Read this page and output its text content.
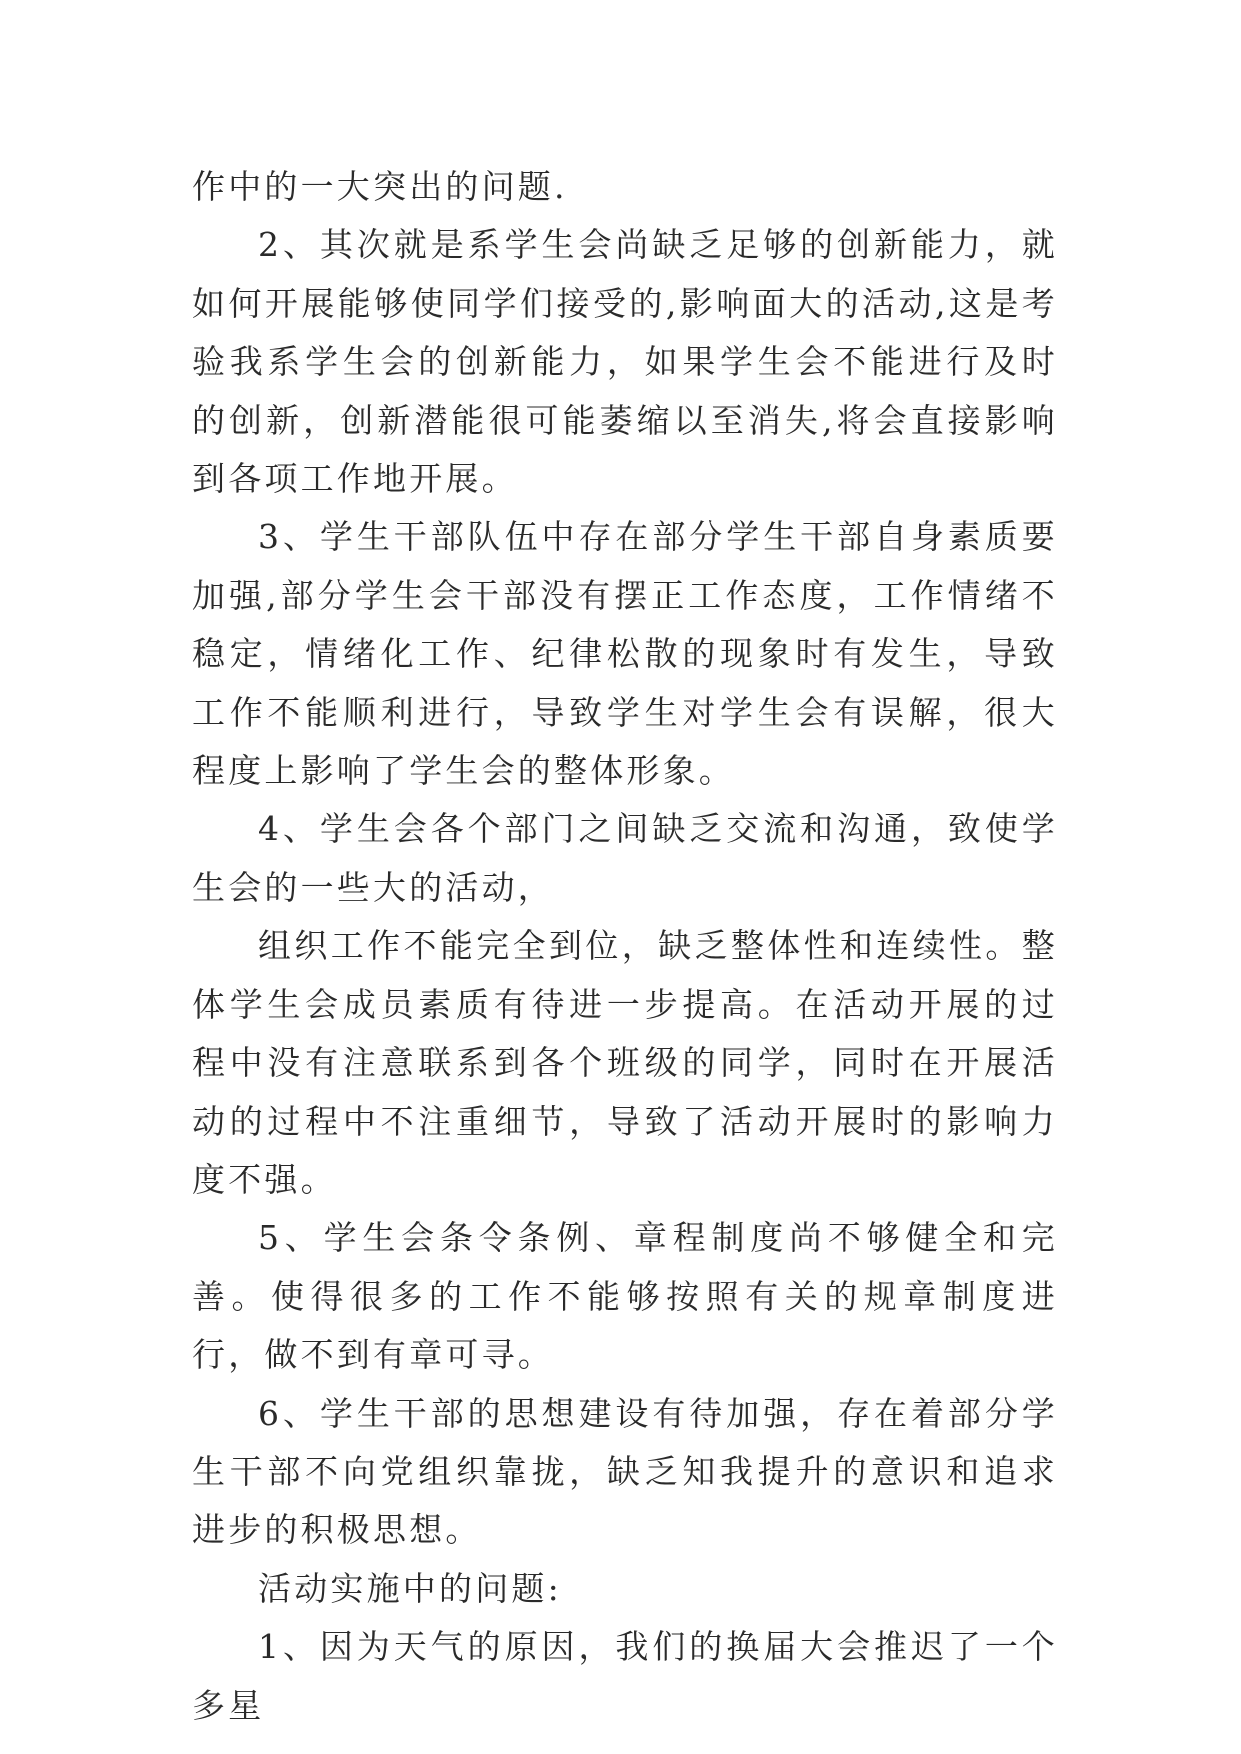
作中的一大突出的问题.

2、其次就是系学生会尚缺乏足够的创新能力，就如何开展能够使同学们接受的,影响面大的活动,这是考验我系学生会的创新能力，如果学生会不能进行及时的创新，创新潜能很可能萎缩以至消失,将会直接影响到各项工作地开展。

3、学生干部队伍中存在部分学生干部自身素质要加强,部分学生会干部没有摆正工作态度，工作情绪不稳定，情绪化工作、纪律松散的现象时有发生，导致工作不能顺利进行，导致学生对学生会有误解，很大程度上影响了学生会的整体形象。

4、学生会各个部门之间缺乏交流和沟通，致使学生会的一些大的活动，

组织工作不能完全到位，缺乏整体性和连续性。整体学生会成员素质有待进一步提高。在活动开展的过程中没有注意联系到各个班级的同学，同时在开展活动的过程中不注重细节，导致了活动开展时的影响力度不强。

5、学生会条令条例、章程制度尚不够健全和完善。使得很多的工作不能够按照有关的规章制度进行，做不到有章可寻。

6、学生干部的思想建设有待加强，存在着部分学生干部不向党组织靠拢，缺乏知我提升的意识和追求进步的积极思想。

活动实施中的问题:

1、因为天气的原因，我们的换届大会推迟了一个多星
